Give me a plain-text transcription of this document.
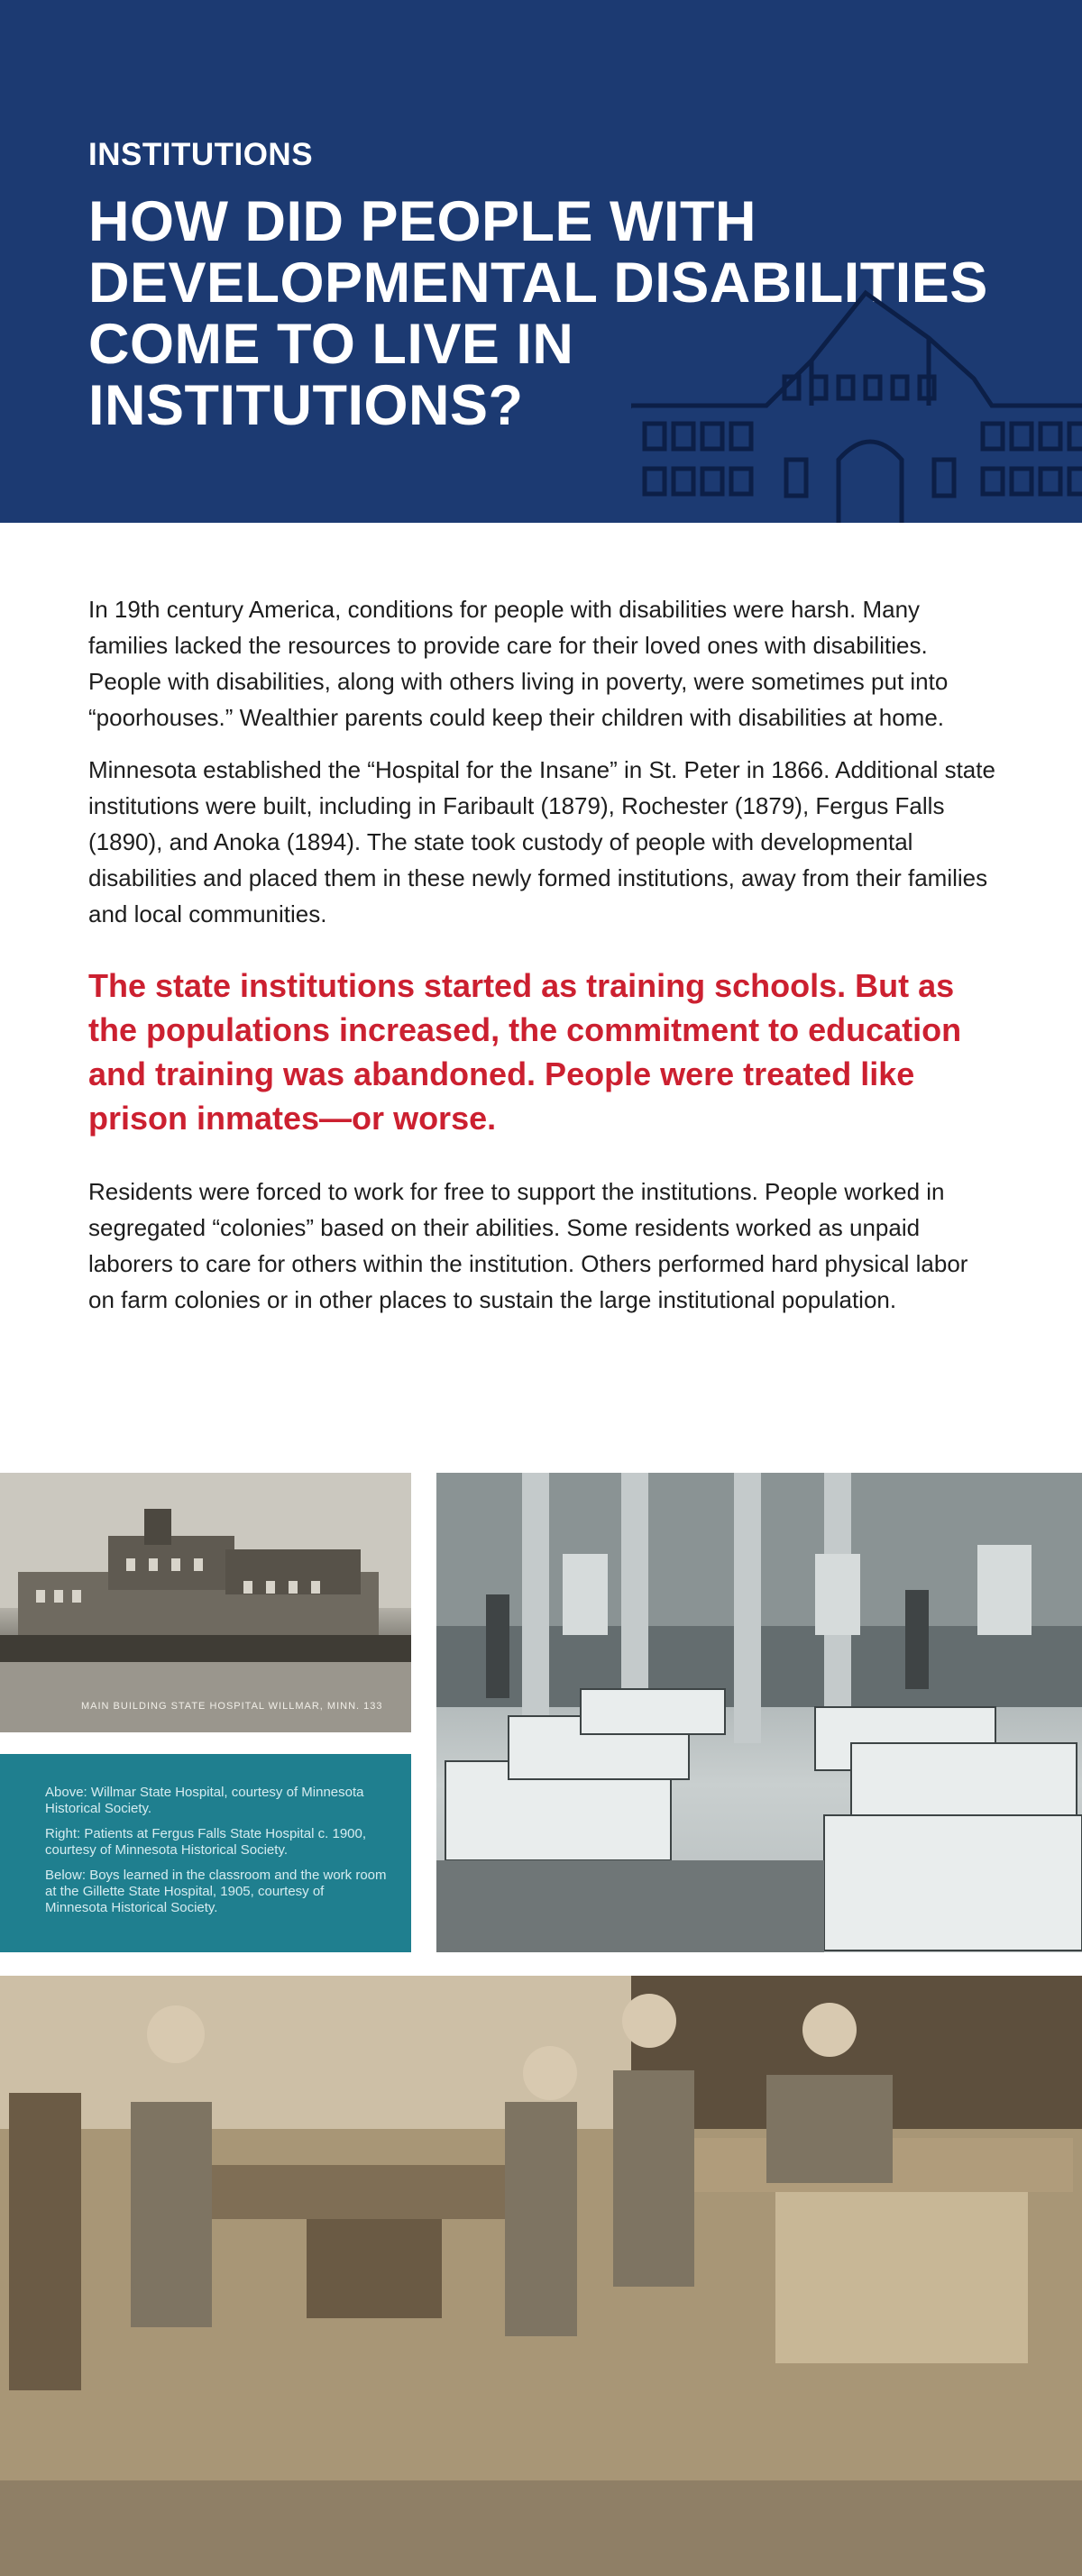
INSTITUTIONS
HOW DID PEOPLE WITH DEVELOPMENTAL DISABILITIES COME TO LIVE IN INSTITUTIONS?

In 19th century America, conditions for people with disabilities were harsh. Many families lacked the resources to provide care for their loved ones with disabilities. People with disabilities, along with others living in poverty, were sometimes put into “poorhouses.” Wealthier parents could keep their children with disabilities at home.

Minnesota established the “Hospital for the Insane” in St. Peter in 1866. Additional state institutions were built, including in Faribault (1879), Rochester (1879), Fergus Falls (1890), and Anoka (1894). The state took custody of people with developmental disabilities and placed them in these newly formed institutions, away from their families and local communities.

The state institutions started as training schools. But as the populations increased, the commitment to education and training was abandoned. People were treated like prison inmates—or worse.

Residents were forced to work for free to support the institutions. People worked in segregated “colonies” based on their abilities. Some residents worked as unpaid laborers to care for others within the institution. Others performed hard physical labor on farm colonies or in other places to sustain the large institutional population.

MAIN BUILDING STATE HOSPITAL WILLMAR, MINN. 133

Above: Willmar State Hospital, courtesy of Minnesota Historical Society.

Right: Patients at Fergus Falls State Hospital c. 1900, courtesy of Minnesota Historical Society.

Below: Boys learned in the classroom and the work room at the Gillette State Hospital, 1905, courtesy of Minnesota Historical Society.
